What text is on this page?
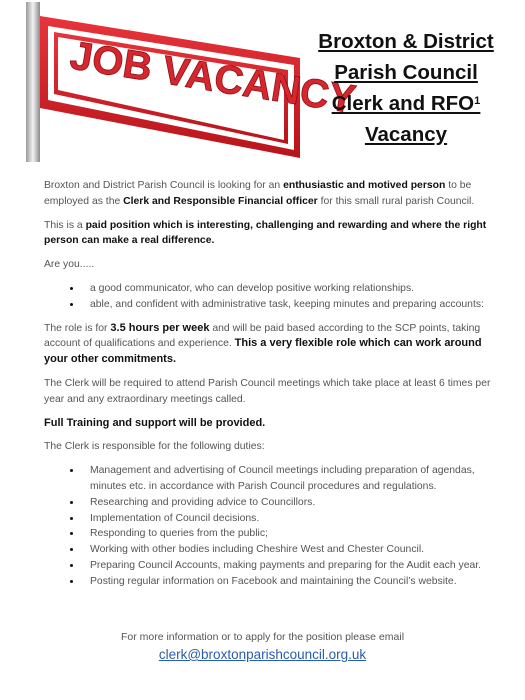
JOB VACANCY
Broxton & District
Parish Council
Clerk and RFO$^1$
Vacancy

Broxton and District Parish Council is looking for an enthusiastic and motived person to be employed as the Clerk and Responsible Financial officer for this small rural parish Council.

This is a paid position which is interesting, challenging and rewarding and where the right person can make a real difference.

Are you.....

• a good communicator, who can develop positive working relationships.
• able, and confident with administrative task, keeping minutes and preparing accounts:

The role is for 3.5 hours per week and will be paid based according to the SCP points, taking account of qualifications and experience. This a very flexible role which can work around your other commitments.

The Clerk will be required to attend Parish Council meetings which take place at least 6 times per year and any extraordinary meetings called.

Full Training and support will be provided.

The Clerk is responsible for the following duties:

• Management and advertising of Council meetings including preparation of agendas, minutes etc. in accordance with Parish Council procedures and regulations.
• Researching and providing advice to Councillors.
• Implementation of Council decisions.
• Responding to queries from the public;
• Working with other bodies including Cheshire West and Chester Council.
• Preparing Council Accounts, making payments and preparing for the Audit each year.
• Posting regular information on Facebook and maintaining the Council’s website.
For more information or to apply for the position please email
clerk@broxtonparishcouncil.org.uk
